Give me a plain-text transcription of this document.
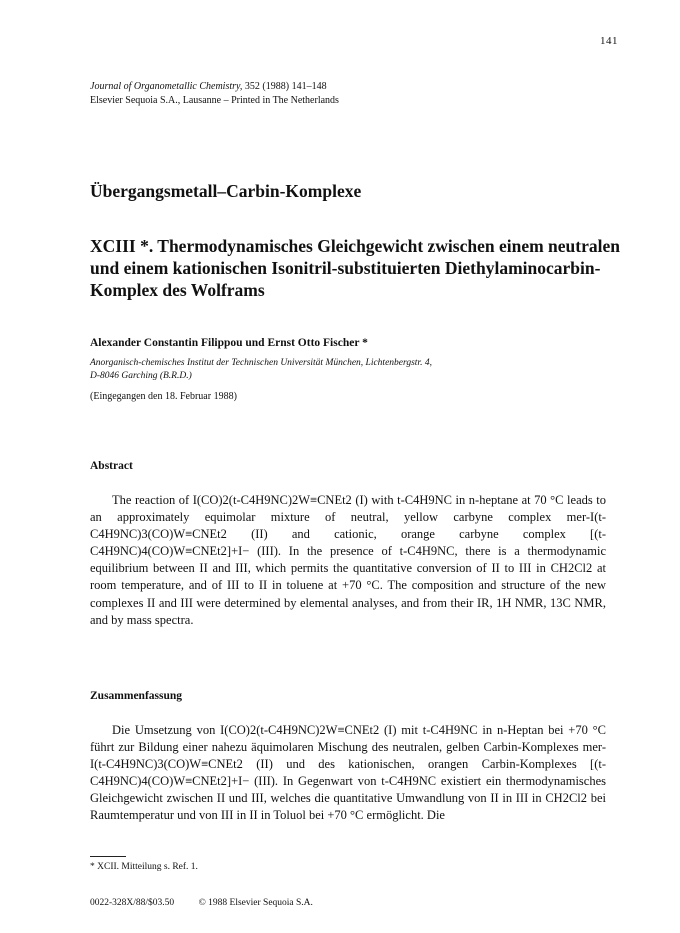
141
Journal of Organometallic Chemistry, 352 (1988) 141–148
Elsevier Sequoia S.A., Lausanne – Printed in The Netherlands
Übergangsmetall–Carbin-Komplexe
XCIII *. Thermodynamisches Gleichgewicht zwischen einem neutralen und einem kationischen Isonitril-substituierten Diethylaminocarbin-Komplex des Wolframs
Alexander Constantin Filippou und Ernst Otto Fischer *
Anorganisch-chemisches Institut der Technischen Universität München, Lichtenbergstr. 4,
D-8046 Garching (B.R.D.)
(Eingegangen den 18. Februar 1988)
Abstract

The reaction of I(CO)2(t-C4H9NC)2W≡CNEt2 (I) with t-C4H9NC in n-heptane at 70 °C leads to an approximately equimolar mixture of neutral, yellow carbyne complex mer-I(t-C4H9NC)3(CO)W≡CNEt2 (II) and cationic, orange carbyne complex [(t-C4H9NC)4(CO)W≡CNEt2]+I− (III). In the presence of t-C4H9NC, there is a thermodynamic equilibrium between II and III, which permits the quantitative conversion of II to III in CH2Cl2 at room temperature, and of III to II in toluene at +70 °C. The composition and structure of the new complexes II and III were determined by elemental analyses, and from their IR, 1H NMR, 13C NMR, and by mass spectra.

Zusammenfassung

Die Umsetzung von I(CO)2(t-C4H9NC)2W≡CNEt2 (I) mit t-C4H9NC in n-Heptan bei +70 °C führt zur Bildung einer nahezu äquimolaren Mischung des neutralen, gelben Carbin-Komplexes mer-I(t-C4H9NC)3(CO)W≡CNEt2 (II) und des kationischen, orangen Carbin-Komplexes [(t-C4H9NC)4(CO)W≡CNEt2]+I− (III). In Gegenwart von t-C4H9NC existiert ein thermodynamisches Gleichgewicht zwischen II und III, welches die quantitative Umwandlung von II in III in CH2Cl2 bei Raumtemperatur und von III in II in Toluol bei +70 °C ermöglicht. Die

* XCII. Mitteilung s. Ref. 1.
0022-328X/88/$03.50	© 1988 Elsevier Sequoia S.A.
